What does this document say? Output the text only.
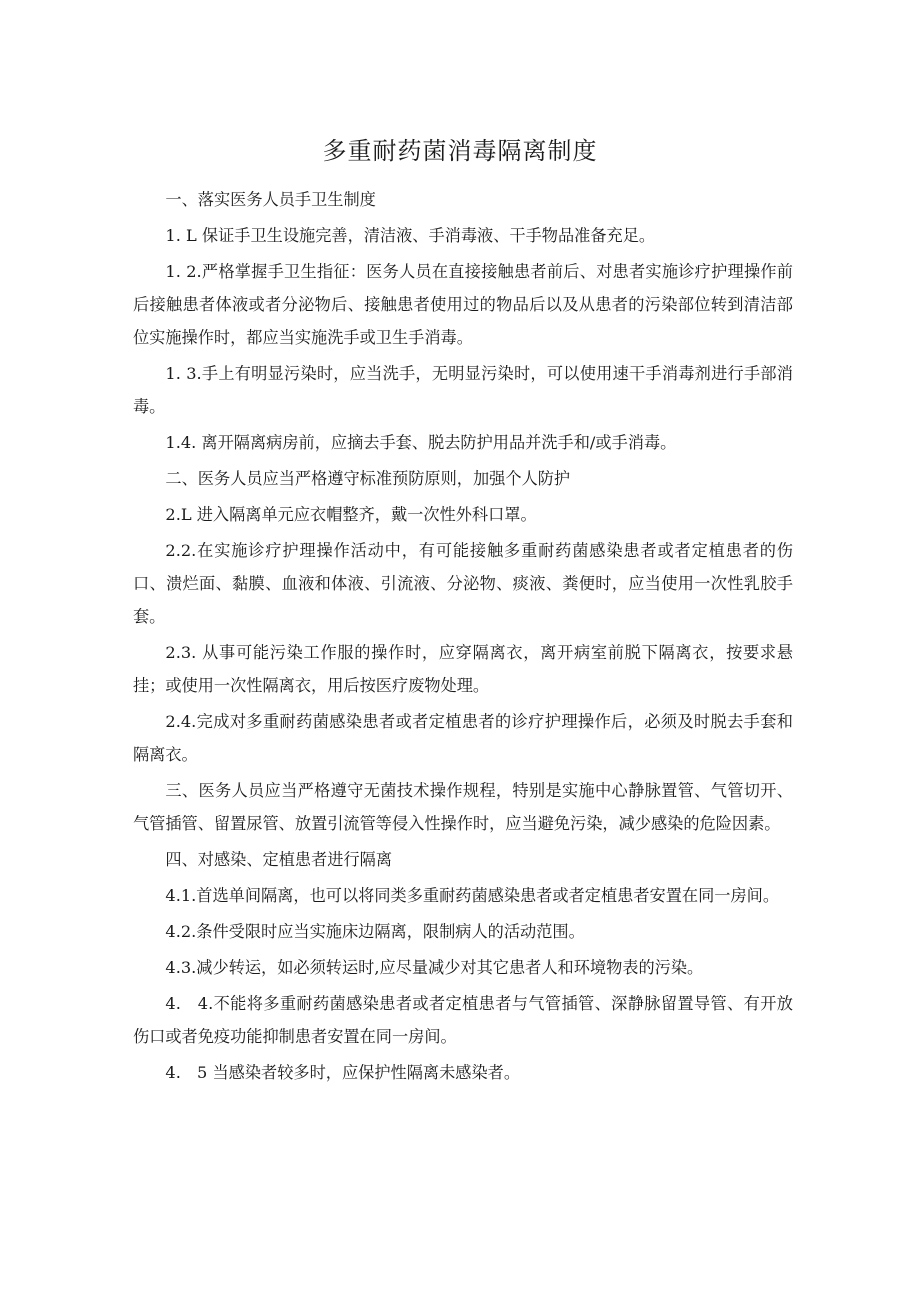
多重耐药菌消毒隔离制度

一、落实医务人员手卫生制度

1. L 保证手卫生设施完善，清洁液、手消毒液、干手物品准备充足。

1. 2.严格掌握手卫生指征：医务人员在直接接触患者前后、对患者实施诊疗护理操作前后接触患者体液或者分泌物后、接触患者使用过的物品后以及从患者的污染部位转到清洁部位实施操作时，都应当实施洗手或卫生手消毒。

1. 3.手上有明显污染时，应当洗手，无明显污染时，可以使用速干手消毒剂进行手部消毒。

1.4. 离开隔离病房前，应摘去手套、脱去防护用品并洗手和/或手消毒。

二、医务人员应当严格遵守标准预防原则，加强个人防护

2.L 进入隔离单元应衣帽整齐，戴一次性外科口罩。

2.2.在实施诊疗护理操作活动中，有可能接触多重耐药菌感染患者或者定植患者的伤口、溃烂面、黏膜、血液和体液、引流液、分泌物、痰液、粪便时，应当使用一次性乳胶手套。

2.3. 从事可能污染工作服的操作时，应穿隔离衣，离开病室前脱下隔离衣，按要求悬挂；或使用一次性隔离衣，用后按医疗废物处理。

2.4.完成对多重耐药菌感染患者或者定植患者的诊疗护理操作后，必须及时脱去手套和隔离衣。

三、医务人员应当严格遵守无菌技术操作规程，特别是实施中心静脉置管、气管切开、气管插管、留置尿管、放置引流管等侵入性操作时，应当避免污染，减少感染的危险因素。

四、对感染、定植患者进行隔离

4.1.首选单间隔离，也可以将同类多重耐药菌感染患者或者定植患者安置在同一房间。

4.2.条件受限时应当实施床边隔离，限制病人的活动范围。

4.3.减少转运，如必须转运时,应尽量减少对其它患者人和环境物表的污染。

4.　4.不能将多重耐药菌感染患者或者定植患者与气管插管、深静脉留置导管、有开放伤口或者免疫功能抑制患者安置在同一房间。

4.　5 当感染者较多时，应保护性隔离未感染者。
